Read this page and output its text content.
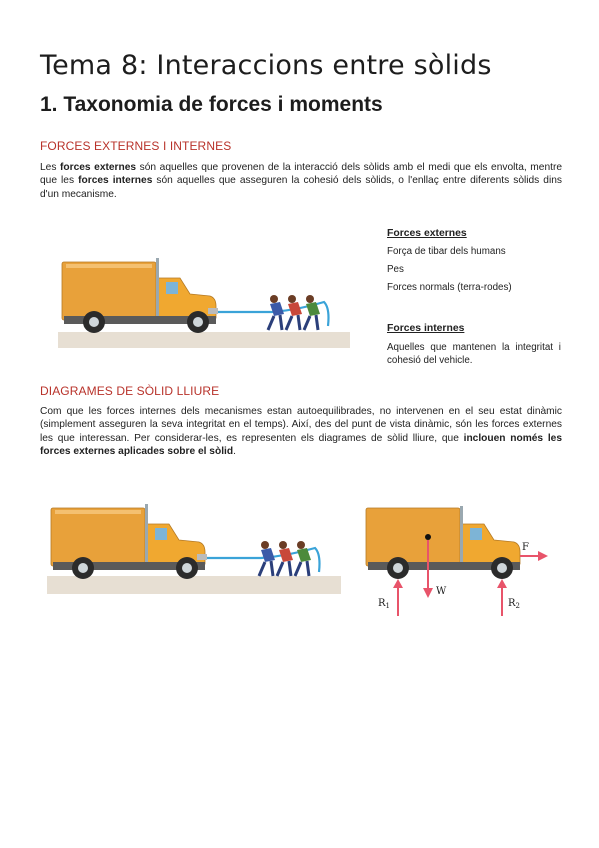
Tema 8: Interaccions entre sòlids
1. Taxonomia de forces i moments
FORCES EXTERNES I INTERNES

Les forces externes són aquelles que provenen de la interacció dels sòlids amb el medi que els envolta, mentre que les forces internes són aquelles que asseguren la cohesió dels sòlids, o l'enllaç entre diferents sòlids dins d'un mecanisme.

Forces externes
Força de tibar dels humans
Pes
Forces normals (terra-rodes)
Forces internes
Aquelles que mantenen la integritat i cohesió del vehicle.
DIAGRAMES DE SÒLID LLIURE

Com que les forces internes dels mecanismes estan autoequilibrades, no intervenen en el seu estat dinàmic (simplement asseguren la seva integritat en el temps). Així, des del punt de vista dinàmic, són les forces externes les que interessan. Per considerar-les, es representen els diagrames de sòlid lliure, que inclouen només les forces externes aplicades sobre el sòlid.

W
F
$R_1$	$R_2$
